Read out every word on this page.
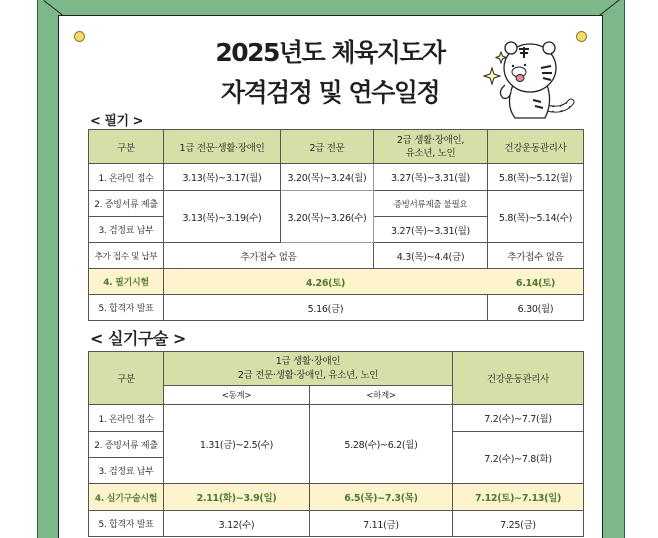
2025년도 체육지도자
자격검정 및 연수일정
< 필기 >
구분	1급 전문·생활·장애인	2급 전문	2급 생활·장애인,
유소년, 노인	건강운동관리사
1. 온라인 접수	3.13(목)~3.17(월)	3.20(목)~3.24(월)	3.27(목)~3.31(월)	5.8(목)~5.12(월)
2. 증빙서류 제출	3.13(목)~3.19(수)	3.20(목)~3.26(수)	증빙서류제출 불필요	5.8(목)~5.14(수)
3. 검정료 납부			3.27(목)~3.31(월)	
추가 접수 및 납부	추가접수 없음		4.3(목)~4.4(금)	추가접수 없음
4. 필기시험	4.26(토)			6.14(토)
5. 합격자 발표	5.16(금)			6.30(월)
< 실기구술 >
구분	1급 생활·장애인
2급 전문·생활·장애인, 유소년, 노인		건강운동관리사
	<동계>	<하계>	
1. 온라인 접수	1.31(금)~2.5(수)	5.28(수)~6.2(월)	7.2(수)~7.7(월)
2. 증빙서류 제출			7.2(수)~7.8(화)
3. 검정료 납부			
4. 실기구술시험	2.11(화)~3.9(일)	6.5(목)~7.3(목)	7.12(토)~7.13(일)
5. 합격자 발표	3.12(수)	7.11(금)	7.25(금)
